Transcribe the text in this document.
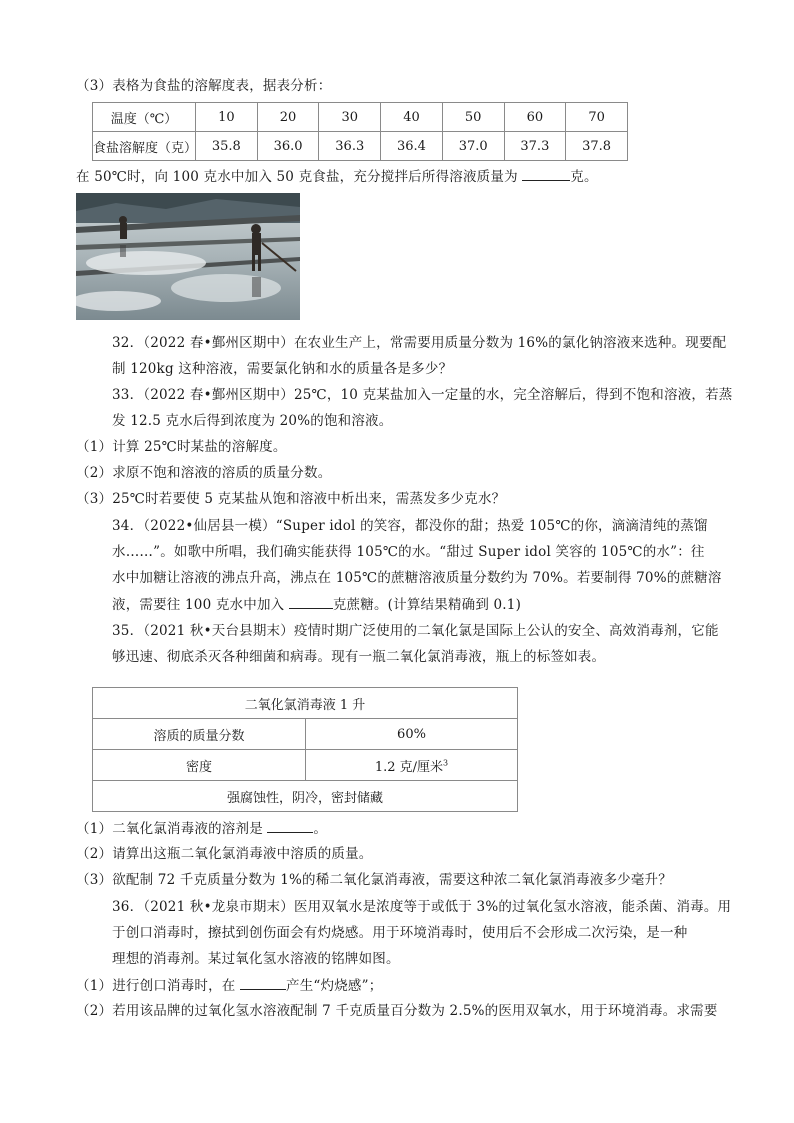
（3）表格为食盐的溶解度表，据表分析：
温度（℃）	10	20	30	40	50	60	70
食盐溶解度（克）	35.8	36.0	36.3	36.4	37.0	37.3	37.8
在 50℃时，向 100 克水中加入 50 克食盐，充分搅拌后所得溶液质量为	克。
32．（2022 春•鄞州区期中）在农业生产上，常需要用质量分数为 16%的氯化钠溶液来选种。现要配
制 120kg 这种溶液，需要氯化钠和水的质量各是多少？
33．（2022 春•鄞州区期中）25℃，10 克某盐加入一定量的水，完全溶解后，得到不饱和溶液，若蒸
发 12.5 克水后得到浓度为 20%的饱和溶液。
（1）计算 25℃时某盐的溶解度。
（2）求原不饱和溶液的溶质的质量分数。
（3）25℃时若要使 5 克某盐从饱和溶液中析出来，需蒸发多少克水？
34．（2022•仙居县一模）“Super idol 的笑容，都没你的甜；热爱 105℃的你，滴滴清纯的蒸馏
水……”。如歌中所唱，我们确实能获得 105℃的水。“甜过 Super idol 笑容的 105℃的水”：往
水中加糖让溶液的沸点升高，沸点在 105℃的蔗糖溶液质量分数约为 70%。若要制得 70%的蔗糖溶
液，需要往 100 克水中加入	克蔗糖。(计算结果精确到 0.1)
35．（2021 秋•天台县期末）疫情时期广泛使用的二氧化氯是国际上公认的安全、高效消毒剂，它能
够迅速、彻底杀灭各种细菌和病毒。现有一瓶二氧化氯消毒液，瓶上的标签如表。
二氧化氯消毒液 1 升	
溶质的质量分数	60%
密度	1.2 克/厘米$^3$
强腐蚀性，阴冷，密封储藏	
（1）二氧化氯消毒液的溶剂是	。
（2）请算出这瓶二氧化氯消毒液中溶质的质量。
（3）欲配制 72 千克质量分数为 1%的稀二氧化氯消毒液，需要这种浓二氧化氯消毒液多少毫升？
36．（2021 秋•龙泉市期末）医用双氧水是浓度等于或低于 3%的过氧化氢水溶液，能杀菌、消毒。用
于创口消毒时，擦拭到创伤面会有灼烧感。用于环境消毒时，使用后不会形成二次污染，是一种
理想的消毒剂。某过氧化氢水溶液的铭牌如图。
（1）进行创口消毒时，在	产生“灼烧感”；
（2）若用该品牌的过氧化氢水溶液配制 7 千克质量百分数为 2.5%的医用双氧水，用于环境消毒。求需要
